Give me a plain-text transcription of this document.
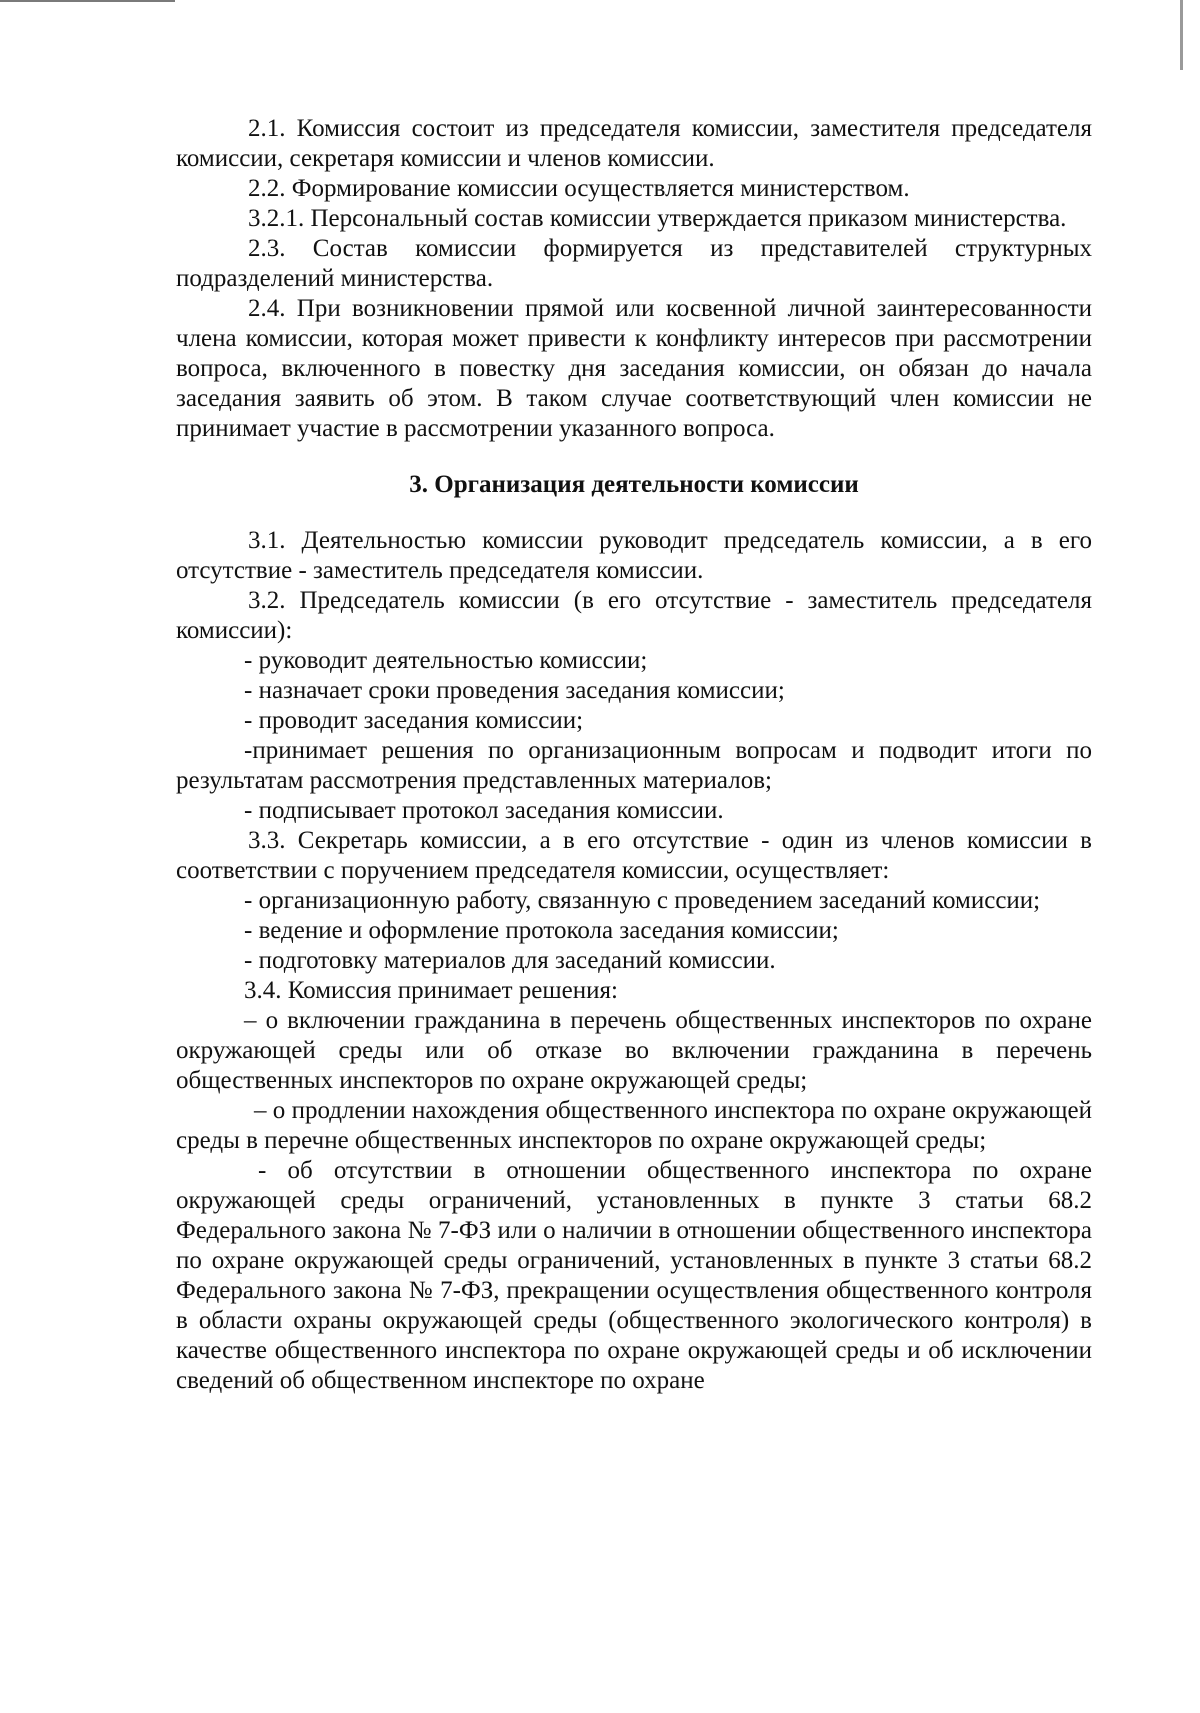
2.1. Комиссия состоит из председателя комиссии, заместителя председателя комиссии, секретаря комиссии и членов комиссии.

2.2. Формирование комиссии осуществляется министерством.

3.2.1. Персональный состав комиссии утверждается приказом министерства.

2.3. Состав комиссии формируется из представителей структурных подразделений министерства.

2.4. При возникновении прямой или косвенной личной заинтересованности члена комиссии, которая может привести к конфликту интересов при рассмотрении вопроса, включенного в повестку дня заседания комиссии, он обязан до начала заседания заявить об этом. В таком случае соответствующий член комиссии не принимает участие в рассмотрении указанного вопроса.

3. Организация деятельности комиссии

3.1. Деятельностью комиссии руководит председатель комиссии, а в его отсутствие - заместитель председателя комиссии.

3.2. Председатель комиссии (в его отсутствие - заместитель председателя комиссии):

- руководит деятельностью комиссии;

- назначает сроки проведения заседания комиссии;

- проводит заседания комиссии;

-принимает решения по организационным вопросам и подводит итоги по результатам рассмотрения представленных материалов;

- подписывает протокол заседания комиссии.

3.3. Секретарь комиссии, а в его отсутствие - один из членов комиссии в соответствии с поручением председателя комиссии, осуществляет:

- организационную работу, связанную с проведением заседаний комиссии;

- ведение и оформление протокола заседания комиссии;

- подготовку материалов для заседаний комиссии.

3.4. Комиссия принимает решения:

– о включении гражданина в перечень общественных инспекторов по охране окружающей среды или об отказе во включении гражданина в перечень общественных инспекторов по охране окружающей среды;

– о продлении нахождения общественного инспектора по охране окружающей среды в перечне общественных инспекторов по охране окружающей среды;

- об отсутствии в отношении общественного инспектора по охране окружающей среды ограничений, установленных в пункте 3 статьи 68.2 Федерального закона № 7-ФЗ или о наличии в отношении общественного инспектора по охране окружающей среды ограничений, установленных в пункте 3 статьи 68.2 Федерального закона № 7-ФЗ, прекращении осуществления общественного контроля в области охраны окружающей среды (общественного экологического контроля) в качестве общественного инспектора по охране окружающей среды и об исключении сведений об общественном инспекторе по охране
